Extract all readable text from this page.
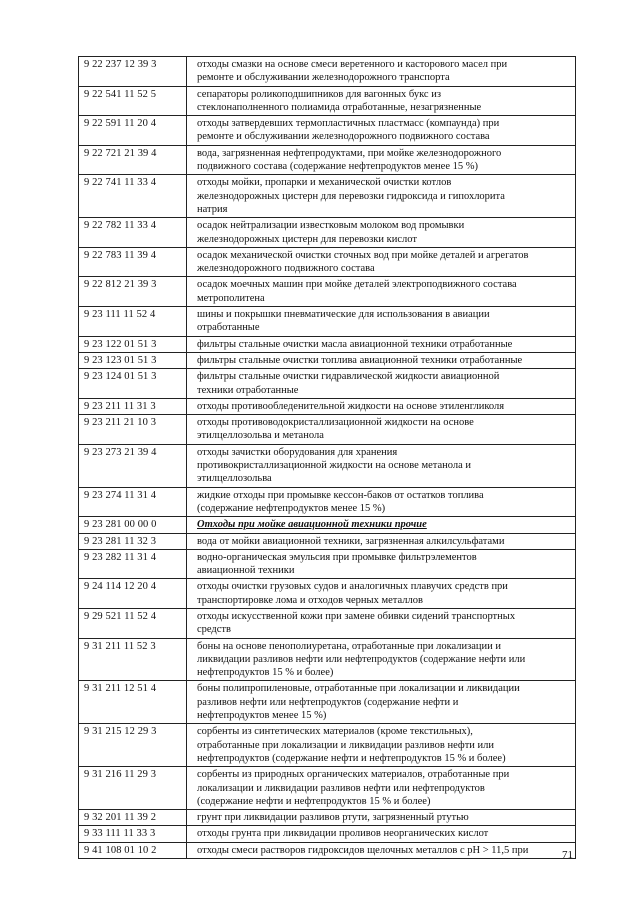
9 22 237 12 39 3	отходы смазки на основе смеси веретенного и касторового масел при
ремонте и обслуживании железнодорожного транспорта

9 22 541 11 52 5	сепараторы роликоподшипников для вагонных букс из
стеклонаполненного полиамида отработанные, незагрязненные

9 22 591 11 20 4	отходы затвердевших термопластичных пластмасс (компаунда) при
ремонте и обслуживании железнодорожного подвижного состава

9 22 721 21 39 4	вода, загрязненная нефтепродуктами, при мойке железнодорожного
подвижного состава (содержание нефтепродуктов менее 15 %)

9 22 741 11 33 4	отходы мойки, пропарки и механической очистки котлов
железнодорожных цистерн для перевозки гидроксида и гипохлорита
натрия

9 22 782 11 33 4	осадок нейтрализации известковым молоком вод промывки
железнодорожных цистерн для перевозки кислот

9 22 783 11 39 4	осадок механической очистки сточных вод при мойке деталей и агрегатов
железнодорожного подвижного состава

9 22 812 21 39 3	осадок моечных машин при мойке деталей электроподвижного состава
метрополитена

9 23 111 11 52 4	шины и покрышки пневматические для использования в авиации
отработанные

9 23 122 01 51 3	фильтры стальные очистки масла авиационной техники отработанные

9 23 123 01 51 3	фильтры стальные очистки топлива авиационной техники отработанные

9 23 124 01 51 3	фильтры стальные очистки гидравлической жидкости авиационной
техники отработанные

9 23 211 11 31 3	отходы противообледенительной жидкости на основе этиленгликоля

9 23 211 21 10 3	отходы противоводокристаллизационной жидкости на основе
этилцеллозольва и метанола

9 23 273 21 39 4	отходы зачистки оборудования для хранения
противокристаллизационной жидкости на основе метанола и
этилцеллозольва

9 23 274 11 31 4	жидкие отходы при промывке кессон-баков от остатков топлива
(содержание нефтепродуктов менее 15 %)

9 23 281 00 00 0	Отходы при мойке авиационной техники прочие

9 23 281 11 32 3	вода от мойки авиационной техники, загрязненная алкилсульфатами

9 23 282 11 31 4	водно-органическая эмульсия при промывке фильтрэлементов
авиационной техники

9 24 114 12 20 4	отходы очистки грузовых судов и аналогичных плавучих средств при
транспортировке лома и отходов черных металлов

9 29 521 11 52 4	отходы искусственной кожи при замене обивки сидений транспортных
средств

9 31 211 11 52 3	боны на основе пенополиуретана, отработанные при локализации и
ликвидации разливов нефти или нефтепродуктов (содержание нефти или
нефтепродуктов 15 % и более)

9 31 211 12 51 4	боны полипропиленовые, отработанные при локализации и ликвидации
разливов нефти или нефтепродуктов (содержание нефти и
нефтепродуктов менее 15 %)

9 31 215 12 29 3	сорбенты из синтетических материалов (кроме текстильных),
отработанные при локализации и ликвидации разливов нефти или
нефтепродуктов (содержание нефти и нефтепродуктов 15 % и более)

9 31 216 11 29 3	сорбенты из природных органических материалов, отработанные при
локализации и ликвидации разливов нефти или нефтепродуктов
(содержание нефти и нефтепродуктов 15 % и более)

9 32 201 11 39 2	грунт при ликвидации разливов ртути, загрязненный ртутью

9 33 111 11 33 3	отходы грунта при ликвидации проливов неорганических кислот

9 41 108 01 10 2	отходы смеси растворов гидроксидов щелочных металлов с pH > 11,5 при	71
